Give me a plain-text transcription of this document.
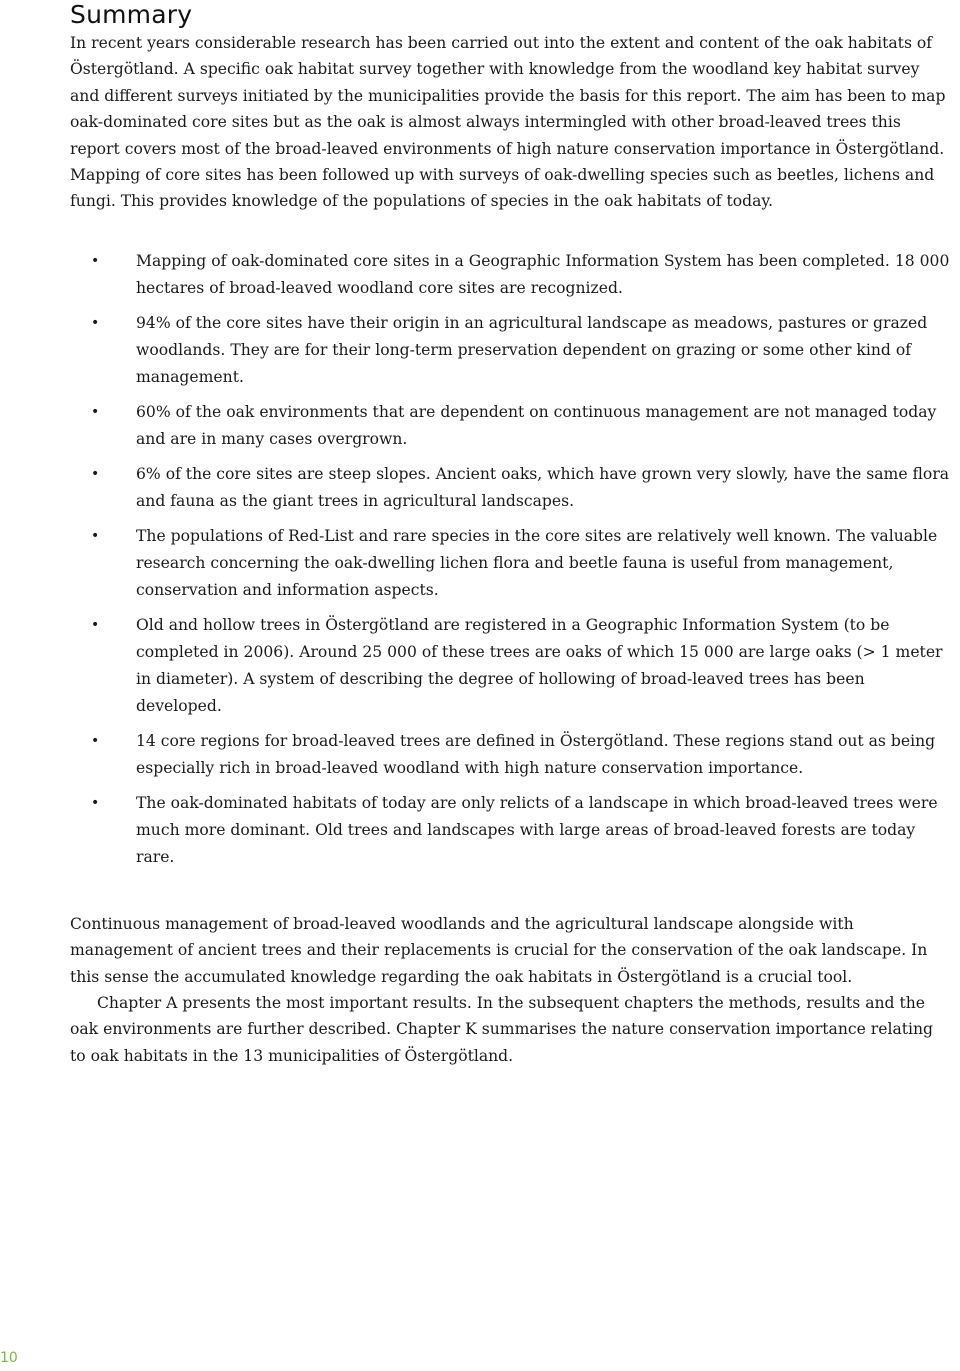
Summary

In recent years considerable research has been carried out into the extent and content of the oak habitats of Östergötland. A specific oak habitat survey together with knowledge from the woodland key habitat survey and different surveys initiated by the municipalities provide the basis for this report. The aim has been to map oak-dominated core sites but as the oak is almost always intermingled with other broad-leaved trees this report covers most of the broad-leaved environments of high nature conservation importance in Östergötland. Mapping of core sites has been followed up with surveys of oak-dwelling species such as beetles, lichens and fungi. This provides knowledge of the populations of species in the oak habitats of today.

• Mapping of oak-dominated core sites in a Geographic Information System has been completed. 18 000 hectares of broad-leaved woodland core sites are recognized.
• 94% of the core sites have their origin in an agricultural landscape as meadows, pastures or grazed woodlands. They are for their long-term preservation dependent on grazing or some other kind of management.
• 60% of the oak environments that are dependent on continuous management are not managed today and are in many cases overgrown.
• 6% of the core sites are steep slopes. Ancient oaks, which have grown very slowly, have the same flora and fauna as the giant trees in agricultural landscapes.
• The populations of Red-List and rare species in the core sites are relatively well known. The valuable research concerning the oak-dwelling lichen flora and beetle fauna is useful from management, conservation and information aspects.
• Old and hollow trees in Östergötland are registered in a Geographic Information System (to be completed in 2006). Around 25 000 of these trees are oaks of which 15 000 are large oaks (> 1 meter in diameter). A system of describing the degree of hollowing of broad-leaved trees has been developed.
• 14 core regions for broad-leaved trees are defined in Östergötland. These regions stand out as being especially rich in broad-leaved woodland with high nature conservation importance.
• The oak-dominated habitats of today are only relicts of a landscape in which broad-leaved trees were much more dominant. Old trees and landscapes with large areas of broad-leaved forests are today rare.

Continuous management of broad-leaved woodlands and the agricultural landscape alongside with management of ancient trees and their replacements is crucial for the conservation of the oak landscape. In this sense the accumulated knowledge regarding the oak habitats in Östergötland is a crucial tool.

Chapter A presents the most important results. In the subsequent chapters the methods, results and the oak environments are further described. Chapter K summarises the nature conservation importance relating to oak habitats in the 13 municipalities of Östergötland.

10
